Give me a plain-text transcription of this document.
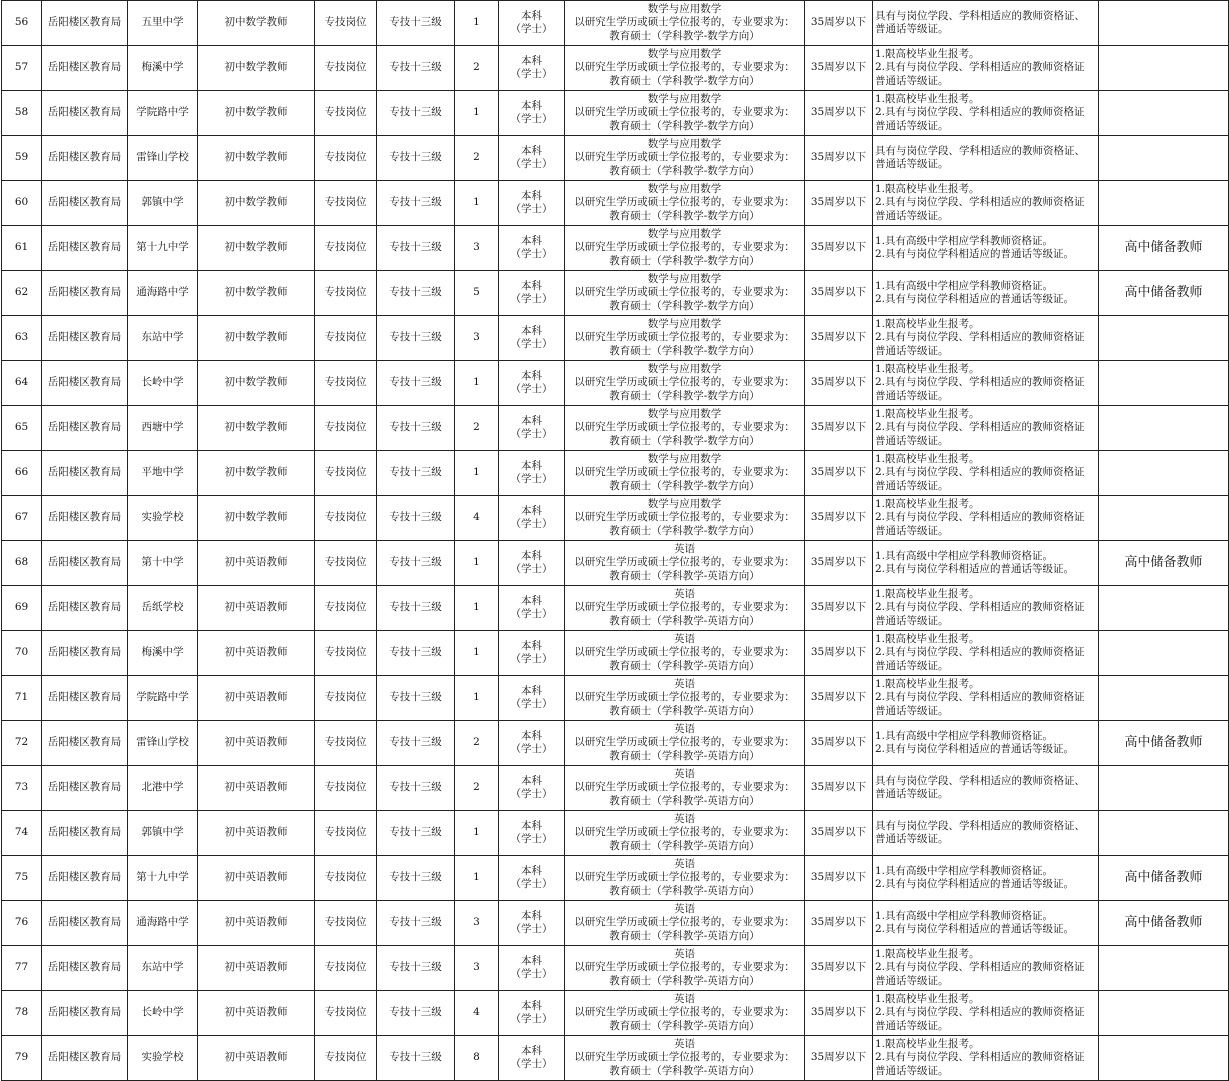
56	岳阳楼区教育局	五里中学	初中数学教师	专技岗位	专技十三级	1	本科
（学士）	数学与应用数学
以研究生学历或硕士学位报考的，专业要求为：
教育硕士（学科教学-数学方向）	35周岁以下	具有与岗位学段、学科相适应的教师资格证、
普通话等级证。	

57	岳阳楼区教育局	梅溪中学	初中数学教师	专技岗位	专技十三级	2	本科
（学士）	数学与应用数学
以研究生学历或硕士学位报考的，专业要求为：
教育硕士（学科教学-数学方向）	35周岁以下	1.限高校毕业生报考。
2.具有与岗位学段、学科相适应的教师资格证
普通话等级证。	

58	岳阳楼区教育局	学院路中学	初中数学教师	专技岗位	专技十三级	1	本科
（学士）	数学与应用数学
以研究生学历或硕士学位报考的，专业要求为：
教育硕士（学科教学-数学方向）	35周岁以下	1.限高校毕业生报考。
2.具有与岗位学段、学科相适应的教师资格证
普通话等级证。	

59	岳阳楼区教育局	雷锋山学校	初中数学教师	专技岗位	专技十三级	2	本科
（学士）	数学与应用数学
以研究生学历或硕士学位报考的，专业要求为：
教育硕士（学科教学-数学方向）	35周岁以下	具有与岗位学段、学科相适应的教师资格证、
普通话等级证。	

60	岳阳楼区教育局	郭镇中学	初中数学教师	专技岗位	专技十三级	1	本科
（学士）	数学与应用数学
以研究生学历或硕士学位报考的，专业要求为：
教育硕士（学科教学-数学方向）	35周岁以下	1.限高校毕业生报考。
2.具有与岗位学段、学科相适应的教师资格证
普通话等级证。	

61	岳阳楼区教育局	第十九中学	初中数学教师	专技岗位	专技十三级	3	本科
（学士）	数学与应用数学
以研究生学历或硕士学位报考的，专业要求为：
教育硕士（学科教学-数学方向）	35周岁以下	1.具有高级中学相应学科教师资格证。
2.具有与岗位学科相适应的普通话等级证。	高中储备教师
62	岳阳楼区教育局	通海路中学	初中数学教师	专技岗位	专技十三级	5	本科
（学士）	数学与应用数学
以研究生学历或硕士学位报考的，专业要求为：
教育硕士（学科教学-数学方向）	35周岁以下	1.具有高级中学相应学科教师资格证。
2.具有与岗位学科相适应的普通话等级证。	高中储备教师
63	岳阳楼区教育局	东站中学	初中数学教师	专技岗位	专技十三级	3	本科
（学士）	数学与应用数学
以研究生学历或硕士学位报考的，专业要求为：
教育硕士（学科教学-数学方向）	35周岁以下	1.限高校毕业生报考。
2.具有与岗位学段、学科相适应的教师资格证
普通话等级证。	

64	岳阳楼区教育局	长岭中学	初中数学教师	专技岗位	专技十三级	1	本科
（学士）	数学与应用数学
以研究生学历或硕士学位报考的，专业要求为：
教育硕士（学科教学-数学方向）	35周岁以下	1.限高校毕业生报考。
2.具有与岗位学段、学科相适应的教师资格证
普通话等级证。	

65	岳阳楼区教育局	西塘中学	初中数学教师	专技岗位	专技十三级	2	本科
（学士）	数学与应用数学
以研究生学历或硕士学位报考的，专业要求为：
教育硕士（学科教学-数学方向）	35周岁以下	1.限高校毕业生报考。
2.具有与岗位学段、学科相适应的教师资格证
普通话等级证。	

66	岳阳楼区教育局	平地中学	初中数学教师	专技岗位	专技十三级	1	本科
（学士）	数学与应用数学
以研究生学历或硕士学位报考的，专业要求为：
教育硕士（学科教学-数学方向）	35周岁以下	1.限高校毕业生报考。
2.具有与岗位学段、学科相适应的教师资格证
普通话等级证。	

67	岳阳楼区教育局	实验学校	初中数学教师	专技岗位	专技十三级	4	本科
（学士）	数学与应用数学
以研究生学历或硕士学位报考的，专业要求为：
教育硕士（学科教学-数学方向）	35周岁以下	1.限高校毕业生报考。
2.具有与岗位学段、学科相适应的教师资格证
普通话等级证。	

68	岳阳楼区教育局	第十中学	初中英语教师	专技岗位	专技十三级	1	本科
（学士）	英语
以研究生学历或硕士学位报考的，专业要求为：
教育硕士（学科教学-英语方向）	35周岁以下	1.具有高级中学相应学科教师资格证。
2.具有与岗位学科相适应的普通话等级证。	高中储备教师
69	岳阳楼区教育局	岳纸学校	初中英语教师	专技岗位	专技十三级	1	本科
（学士）	英语
以研究生学历或硕士学位报考的，专业要求为：
教育硕士（学科教学-英语方向）	35周岁以下	1.限高校毕业生报考。
2.具有与岗位学段、学科相适应的教师资格证
普通话等级证。	

70	岳阳楼区教育局	梅溪中学	初中英语教师	专技岗位	专技十三级	1	本科
（学士）	英语
以研究生学历或硕士学位报考的，专业要求为：
教育硕士（学科教学-英语方向）	35周岁以下	1.限高校毕业生报考。
2.具有与岗位学段、学科相适应的教师资格证
普通话等级证。	

71	岳阳楼区教育局	学院路中学	初中英语教师	专技岗位	专技十三级	1	本科
（学士）	英语
以研究生学历或硕士学位报考的，专业要求为：
教育硕士（学科教学-英语方向）	35周岁以下	1.限高校毕业生报考。
2.具有与岗位学段、学科相适应的教师资格证
普通话等级证。	

72	岳阳楼区教育局	雷锋山学校	初中英语教师	专技岗位	专技十三级	2	本科
（学士）	英语
以研究生学历或硕士学位报考的，专业要求为：
教育硕士（学科教学-英语方向）	35周岁以下	1.具有高级中学相应学科教师资格证。
2.具有与岗位学科相适应的普通话等级证。	高中储备教师
73	岳阳楼区教育局	北港中学	初中英语教师	专技岗位	专技十三级	2	本科
（学士）	英语
以研究生学历或硕士学位报考的，专业要求为：
教育硕士（学科教学-英语方向）	35周岁以下	具有与岗位学段、学科相适应的教师资格证、
普通话等级证。	

74	岳阳楼区教育局	郭镇中学	初中英语教师	专技岗位	专技十三级	1	本科
（学士）	英语
以研究生学历或硕士学位报考的，专业要求为：
教育硕士（学科教学-英语方向）	35周岁以下	具有与岗位学段、学科相适应的教师资格证、
普通话等级证。	

75	岳阳楼区教育局	第十九中学	初中英语教师	专技岗位	专技十三级	1	本科
（学士）	英语
以研究生学历或硕士学位报考的，专业要求为：
教育硕士（学科教学-英语方向）	35周岁以下	1.具有高级中学相应学科教师资格证。
2.具有与岗位学科相适应的普通话等级证。	高中储备教师
76	岳阳楼区教育局	通海路中学	初中英语教师	专技岗位	专技十三级	3	本科
（学士）	英语
以研究生学历或硕士学位报考的，专业要求为：
教育硕士（学科教学-英语方向）	35周岁以下	1.具有高级中学相应学科教师资格证。
2.具有与岗位学科相适应的普通话等级证。	高中储备教师
77	岳阳楼区教育局	东站中学	初中英语教师	专技岗位	专技十三级	3	本科
（学士）	英语
以研究生学历或硕士学位报考的，专业要求为：
教育硕士（学科教学-英语方向）	35周岁以下	1.限高校毕业生报考。
2.具有与岗位学段、学科相适应的教师资格证
普通话等级证。	

78	岳阳楼区教育局	长岭中学	初中英语教师	专技岗位	专技十三级	4	本科
（学士）	英语
以研究生学历或硕士学位报考的，专业要求为：
教育硕士（学科教学-英语方向）	35周岁以下	1.限高校毕业生报考。
2.具有与岗位学段、学科相适应的教师资格证
普通话等级证。	

79	岳阳楼区教育局	实验学校	初中英语教师	专技岗位	专技十三级	8	本科
（学士）	英语
以研究生学历或硕士学位报考的，专业要求为：
教育硕士（学科教学-英语方向）	35周岁以下	1.限高校毕业生报考。
2.具有与岗位学段、学科相适应的教师资格证
普通话等级证。	
